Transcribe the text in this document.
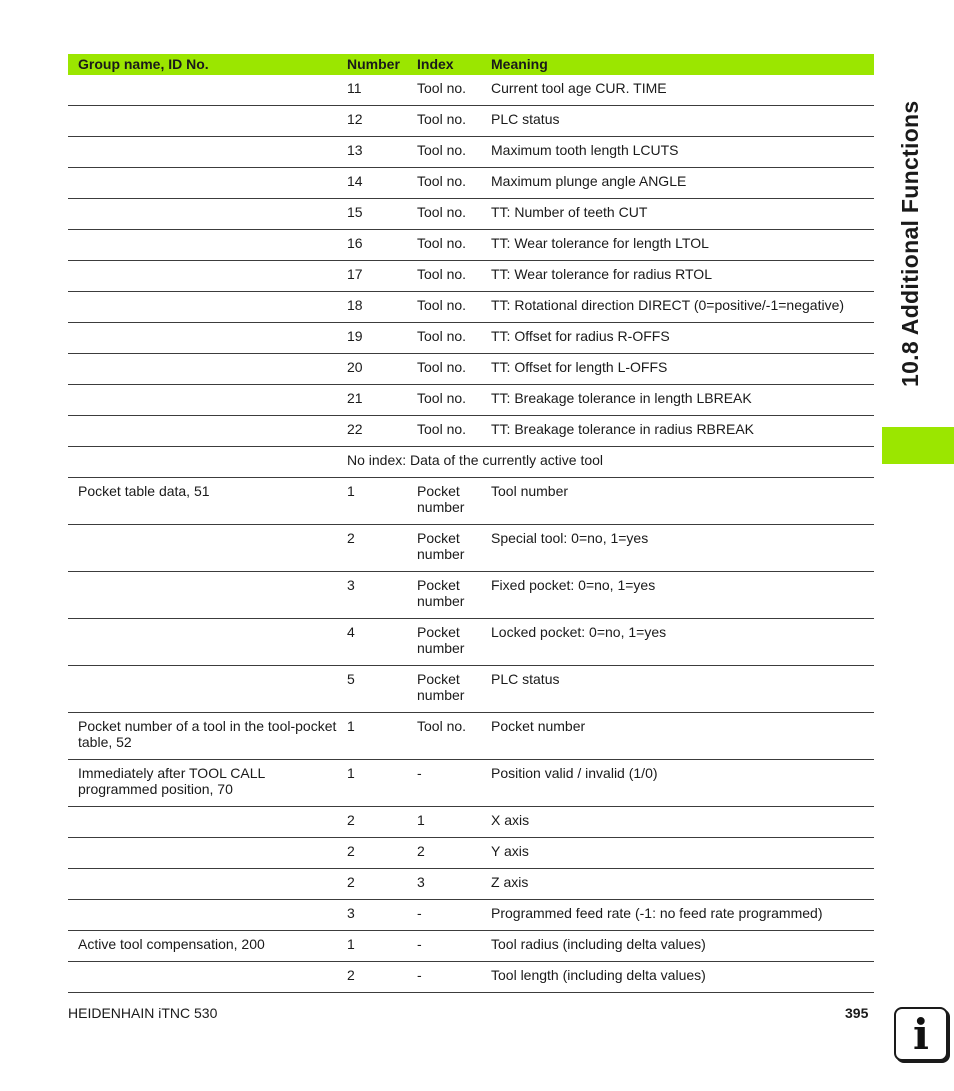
Group name, ID No.	Number	Index	Meaning
	11	Tool no.	Current tool age CUR. TIME
	12	Tool no.	PLC status
	13	Tool no.	Maximum tooth length LCUTS
	14	Tool no.	Maximum plunge angle ANGLE
	15	Tool no.	TT: Number of teeth CUT
	16	Tool no.	TT: Wear tolerance for length LTOL
	17	Tool no.	TT: Wear tolerance for radius RTOL
	18	Tool no.	TT: Rotational direction DIRECT (0=positive/-1=negative)
	19	Tool no.	TT: Offset for radius R-OFFS
	20	Tool no.	TT: Offset for length L-OFFS
	21	Tool no.	TT: Breakage tolerance in length LBREAK
	22	Tool no.	TT: Breakage tolerance in radius RBREAK
	No index: Data of the currently active tool		
Pocket table data, 51	1	Pocket number	Tool number
	2	Pocket number	Special tool: 0=no, 1=yes
	3	Pocket number	Fixed pocket: 0=no, 1=yes
	4	Pocket number	Locked pocket: 0=no, 1=yes
	5	Pocket number	PLC status
Pocket number of a tool in the tool-pocket table, 52	1	Tool no.	Pocket number
Immediately after TOOL CALL programmed position, 70	1	-	Position valid / invalid (1/0)
	2	1	X axis
	2	2	Y axis
	2	3	Z axis
	3	-	Programmed feed rate (-1: no feed rate programmed)
Active tool compensation, 200	1	-	Tool radius (including delta values)
	2	-	Tool length (including delta values)
10.8 Additional Functions
HEIDENHAIN iTNC 530	395	i
